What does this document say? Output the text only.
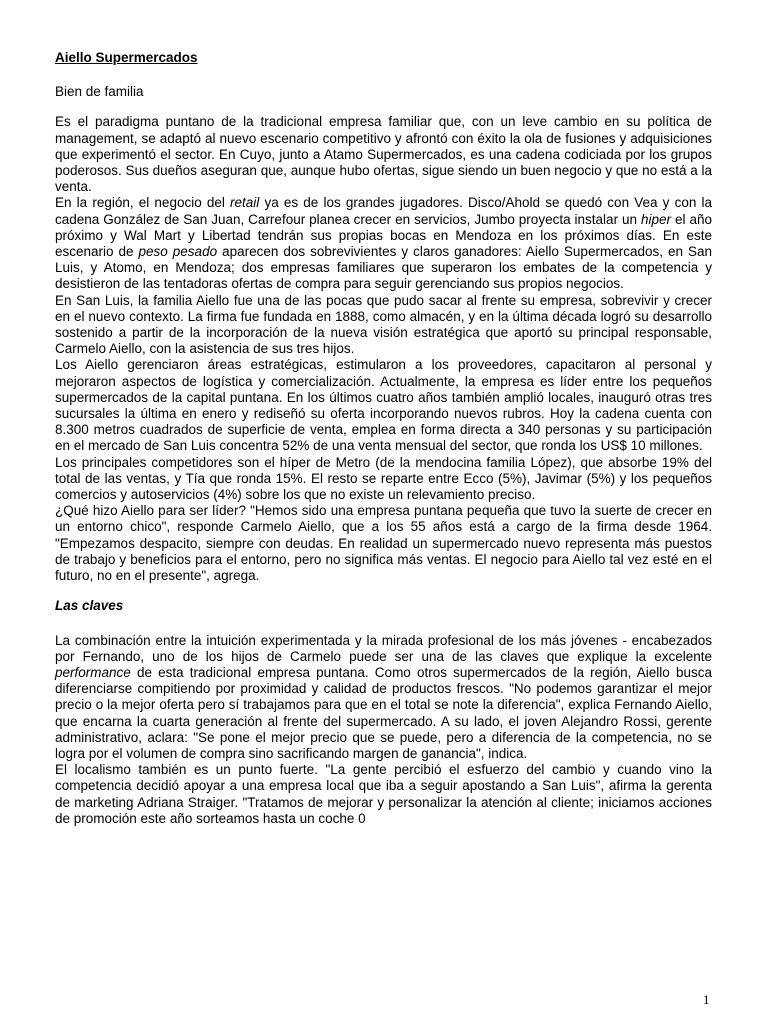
Aiello Supermercados

Bien de familia

Es el paradigma puntano de la tradicional empresa familiar que, con un leve cambio en su política de management, se adaptó al nuevo escenario competitivo y afrontó con éxito la ola de fusiones y adquisiciones que experimentó el sector. En Cuyo, junto a Atamo Supermercados, es una cadena codiciada por los grupos poderosos. Sus dueños aseguran que, aunque hubo ofertas, sigue siendo un buen negocio y que no está a la venta.

En la región, el negocio del retail ya es de los grandes jugadores. Disco/Ahold se quedó con Vea y con la cadena González de San Juan, Carrefour planea crecer en servicios, Jumbo proyecta instalar un hiper el año próximo y Wal Mart y Libertad tendrán sus propias bocas en Mendoza en los próximos días. En este escenario de peso pesado aparecen dos sobrevivientes y claros ganadores: Aiello Supermercados, en San Luis, y Atomo, en Mendoza; dos empresas familiares que superaron los embates de la competencia y desistieron de las tentadoras ofertas de compra para seguir gerenciando sus propios negocios.

En San Luis, la familia Aiello fue una de las pocas que pudo sacar al frente su empresa, sobrevivir y crecer en el nuevo contexto. La firma fue fundada en 1888, como almacén, y en la última década logró su desarrollo sostenido a partir de la incorporación de la nueva visión estratégica que aportó su principal responsable, Carmelo Aiello, con la asistencia de sus tres hijos.

Los Aiello gerenciaron áreas estratégicas, estimularon a los proveedores, capacitaron al personal y mejoraron aspectos de logística y comercialización. Actualmente, la empresa es líder entre los pequeños supermercados de la capital puntana. En los últimos cuatro años también amplió locales, inauguró otras tres sucursales la última en enero y rediseñó su oferta incorporando nuevos rubros. Hoy la cadena cuenta con 8.300 metros cuadrados de superficie de venta, emplea en forma directa a 340 personas y su participación en el mercado de San Luis concentra 52% de una venta mensual del sector, que ronda los US$ 10 millones.

Los principales competidores son el híper de Metro (de la mendocina familia López), que absorbe 19% del total de las ventas, y Tía que ronda 15%. El resto se reparte entre Ecco (5%), Javimar (5%) y los pequeños comercios y autoservicios (4%) sobre los que no existe un relevamiento preciso.

¿Qué hizo Aiello para ser líder? "Hemos sido una empresa puntana pequeña que tuvo la suerte de crecer en un entorno chico", responde Carmelo Aiello, que a los 55 años está a cargo de la firma desde 1964. "Empezamos despacito, siempre con deudas. En realidad un supermercado nuevo representa más puestos de trabajo y beneficios para el entorno, pero no significa más ventas. El negocio para Aiello tal vez esté en el futuro, no en el presente", agrega.

Las claves

La combinación entre la intuición experimentada y la mirada profesional de los más jóvenes - encabezados por Fernando, uno de los hijos de Carmelo puede ser una de las claves que explique la excelente performance de esta tradicional empresa puntana. Como otros supermercados de la región, Aiello busca diferenciarse compitiendo por proximidad y calidad de productos frescos. "No podemos garantizar el mejor precio o la mejor oferta pero sí trabajamos para que en el total se note la diferencia", explica Fernando Aiello, que encarna la cuarta generación al frente del supermercado. A su lado, el joven Alejandro Rossi, gerente administrativo, aclara: "Se pone el mejor precio que se puede, pero a diferencia de la competencia, no se logra por el volumen de compra sino sacrificando margen de ganancia", indica.

El localismo también es un punto fuerte. "La gente percibió el esfuerzo del cambio y cuando vino la competencia decidió apoyar a una empresa local que iba a seguir apostando a San Luis", afirma la gerenta de marketing Adriana Straiger. "Tratamos de mejorar y personalizar la atención al cliente; iniciamos acciones de promoción este año sorteamos hasta un coche 0

1
